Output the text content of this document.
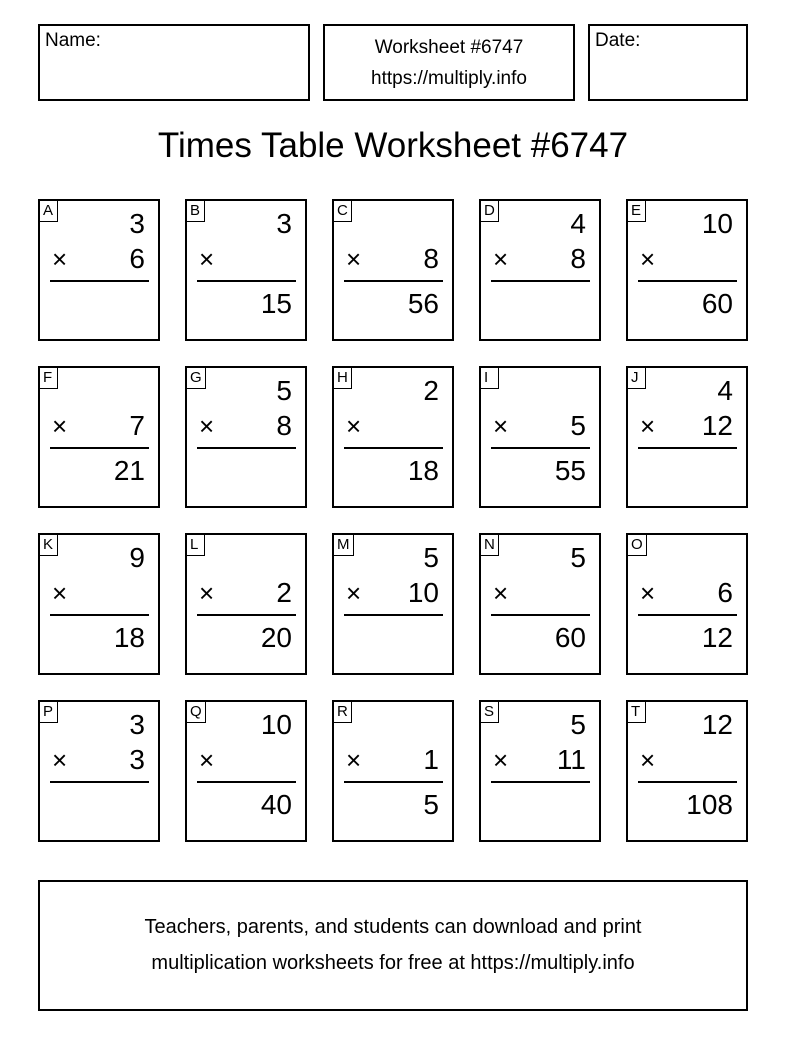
Name:	Worksheet #6747
https://multiply.info
Date:
Times Table Worksheet #6747
A	3
× 6
B	3
×
15
C
× 8
56
D	4
× 8
E 10
×
60
F
× 7
21
G	5
× 8
H	2
×
18
I
× 5
55
J	4
× 12
K	9
×
18
L
× 2
20
M	5
× 10
N	5
×
60
O
× 6
12
P	3
× 3
Q 10
×
40
R
× 1
5
S	5
× 11
T 12
×
108
Teachers, parents, and students can download and print
multiplication worksheets for free at https://multiply.info
